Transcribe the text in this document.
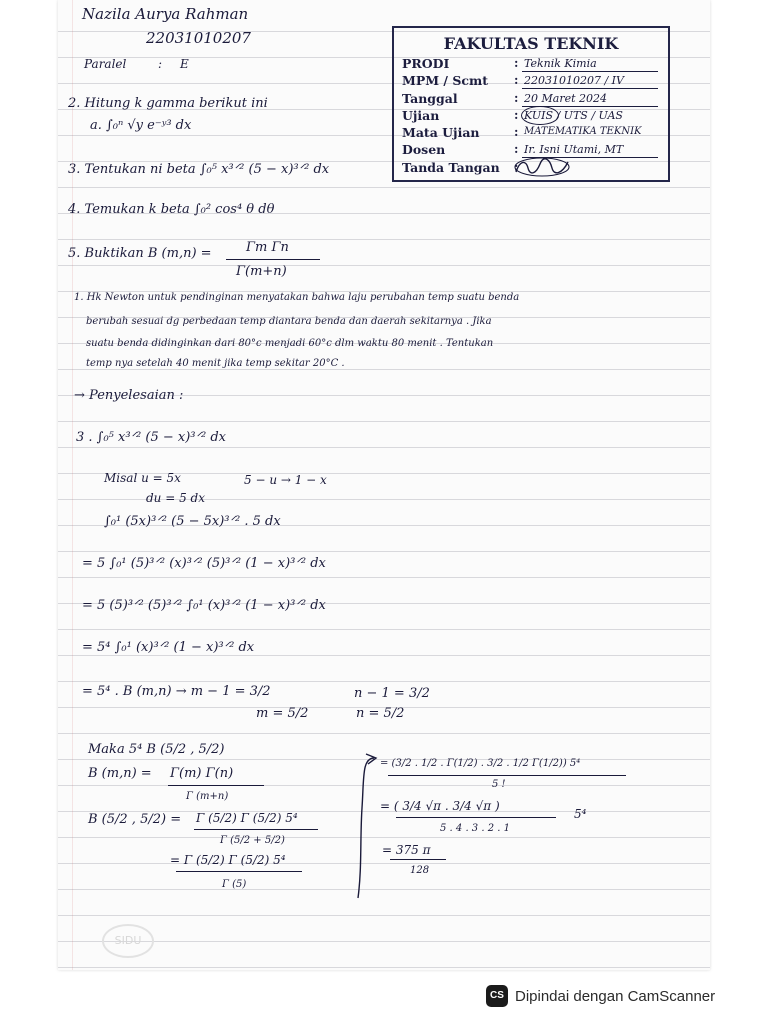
Nazila Aurya Rahman
22031010207
Paralel	: E
FAKULTAS TEKNIK
PRODI	: Teknik Kimia
MPM / Scmt : 22031010207 / IV
Tanggal	: 20 Maret 2024
Ujian	: KUIS / UTS / UAS
Mata Ujian	: MATEMATIKA TEKNIK
Dosen	: Ir. Isni Utami, MT
Tanda Tangan :
2. Hitung k gamma berikut ini
a. ∫₀ⁿ √y e⁻ʸ³ dx
3. Tentukan ni beta ∫₀⁵ x³ᐟ² (5 − x)³ᐟ² dx
4. Temukan k beta ∫₀² cos⁴ θ dθ
5. Buktikan B (m,n) =	Γm Γn
Γ(m+n)
1. Hk Newton untuk pendinginan menyatakan bahwa laju perubahan temp suatu benda
berubah sesuai dg perbedaan temp diantara benda dan daerah sekitarnya . Jika
suatu benda didinginkan dari 80°c menjadi 60°c dlm waktu 80 menit . Tentukan
temp nya setelah 40 menit jika temp sekitar 20°C .
→ Penyelesaian :
3 . ∫₀⁵ x³ᐟ² (5 − x)³ᐟ² dx
Misal u = 5x	5 − u → 1 − x
du = 5 dx
∫₀¹ (5x)³ᐟ² (5 − 5x)³ᐟ² . 5 dx
= 5 ∫₀¹ (5)³ᐟ² (x)³ᐟ² (5)³ᐟ² (1 − x)³ᐟ² dx
= 5 (5)³ᐟ² (5)³ᐟ² ∫₀¹ (x)³ᐟ² (1 − x)³ᐟ² dx
= 5⁴ ∫₀¹ (x)³ᐟ² (1 − x)³ᐟ² dx
= 5⁴ . B (m,n) → m − 1 = 3/2	n − 1 = 3/2
m = 5/2	n = 5/2
Maka 5⁴ B (5/2 , 5/2)
B (m,n) = Γ(m) Γ(n)
Γ (m+n)
B (5/2 , 5/2) = Γ (5/2) Γ (5/2) 5⁴
Γ (5/2 + 5/2)
= Γ (5/2) Γ (5/2) 5⁴
Γ (5)
= (3/2 . 1/2 . Γ(1/2) . 3/2 . 1/2 Γ(1/2)) 5⁴
5 !
= ( 3/4 √π . 3/4 √π )
5⁴
5 . 4 . 3 . 2 . 1
= 375 π
128
SIDU
CS Dipindai dengan CamScanner
